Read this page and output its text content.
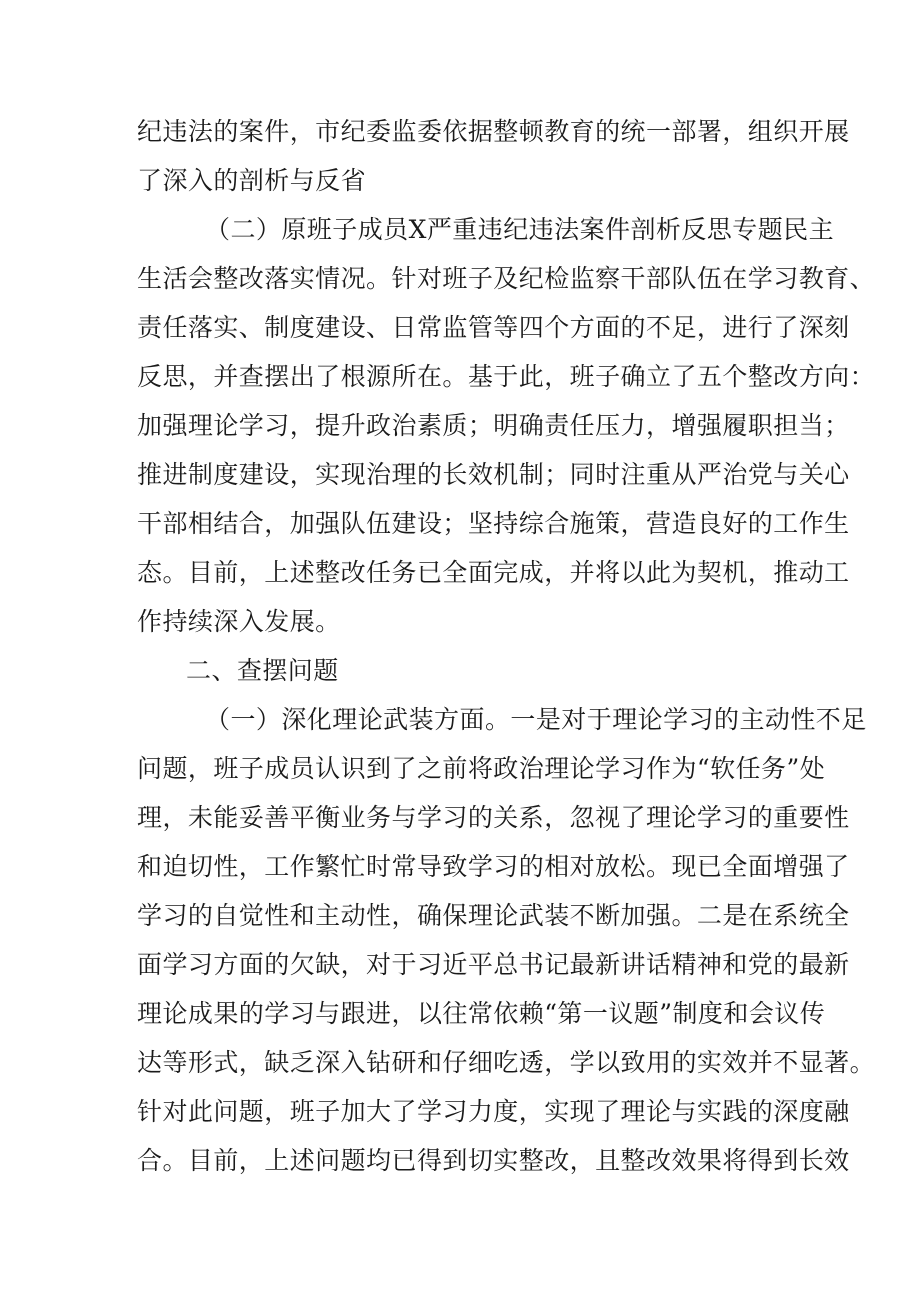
纪违法的案件，市纪委监委依据整顿教育的统一部署，组织开展
了深入的剖析与反省
（二）原班子成员X严重违纪违法案件剖析反思专题民主
生活会整改落实情况。针对班子及纪检监察干部队伍在学习教育、
责任落实、制度建设、日常监管等四个方面的不足，进行了深刻
反思，并查摆出了根源所在。基于此，班子确立了五个整改方向：
加强理论学习，提升政治素质；明确责任压力，增强履职担当；
推进制度建设，实现治理的长效机制；同时注重从严治党与关心
干部相结合，加强队伍建设；坚持综合施策，营造良好的工作生
态。目前，上述整改任务已全面完成，并将以此为契机，推动工
作持续深入发展。
二、查摆问题
（一）深化理论武装方面。一是对于理论学习的主动性不足
问题，班子成员认识到了之前将政治理论学习作为“软任务”处
理，未能妥善平衡业务与学习的关系，忽视了理论学习的重要性
和迫切性，工作繁忙时常导致学习的相对放松。现已全面增强了
学习的自觉性和主动性，确保理论武装不断加强。二是在系统全
面学习方面的欠缺，对于习近平总书记最新讲话精神和党的最新
理论成果的学习与跟进，以往常依赖“第一议题”制度和会议传
达等形式，缺乏深入钻研和仔细吃透，学以致用的实效并不显著。
针对此问题，班子加大了学习力度，实现了理论与实践的深度融
合。目前，上述问题均已得到切实整改，且整改效果将得到长效
